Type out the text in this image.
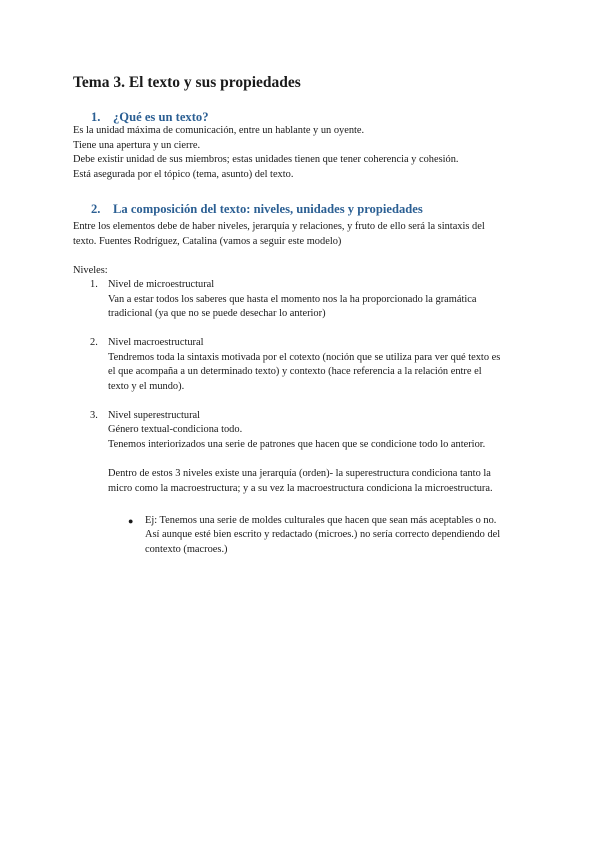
Tema 3. El texto y sus propiedades
1. ¿Qué es un texto?

Es la unidad máxima de comunicación, entre un hablante y un oyente.

Tiene una apertura y un cierre.

Debe existir unidad de sus miembros; estas unidades tienen que tener coherencia y cohesión.

Está asegurada por el tópico (tema, asunto) del texto.

2. La composición del texto: niveles, unidades y propiedades

Entre los elementos debe de haber niveles, jerarquía y relaciones, y fruto de ello será la sintaxis del

texto. Fuentes Rodríguez, Catalina (vamos a seguir este modelo)

Niveles:

1. Nivel de microestructural

Van a estar todos los saberes que hasta el momento nos la ha proporcionado la gramática

tradicional (ya que no se puede desechar lo anterior)

2. Nivel macroestructural

Tendremos toda la sintaxis motivada por el cotexto (noción que se utiliza para ver qué texto es

el que acompaña a un determinado texto) y contexto (hace referencia a la relación entre el

texto y el mundo).

3. Nivel superestructural

Género textual-condiciona todo.

Tenemos interiorizados una serie de patrones que hacen que se condicione todo lo anterior.

Dentro de estos 3 niveles existe una jerarquía (orden)- la superestructura condiciona tanto la

micro como la macroestructura; y a su vez la macroestructura condiciona la microestructura.

● Ej: Tenemos una serie de moldes culturales que hacen que sean más aceptables o no.

Así aunque esté bien escrito y redactado (microes.) no sería correcto dependiendo del

contexto (macroes.)
